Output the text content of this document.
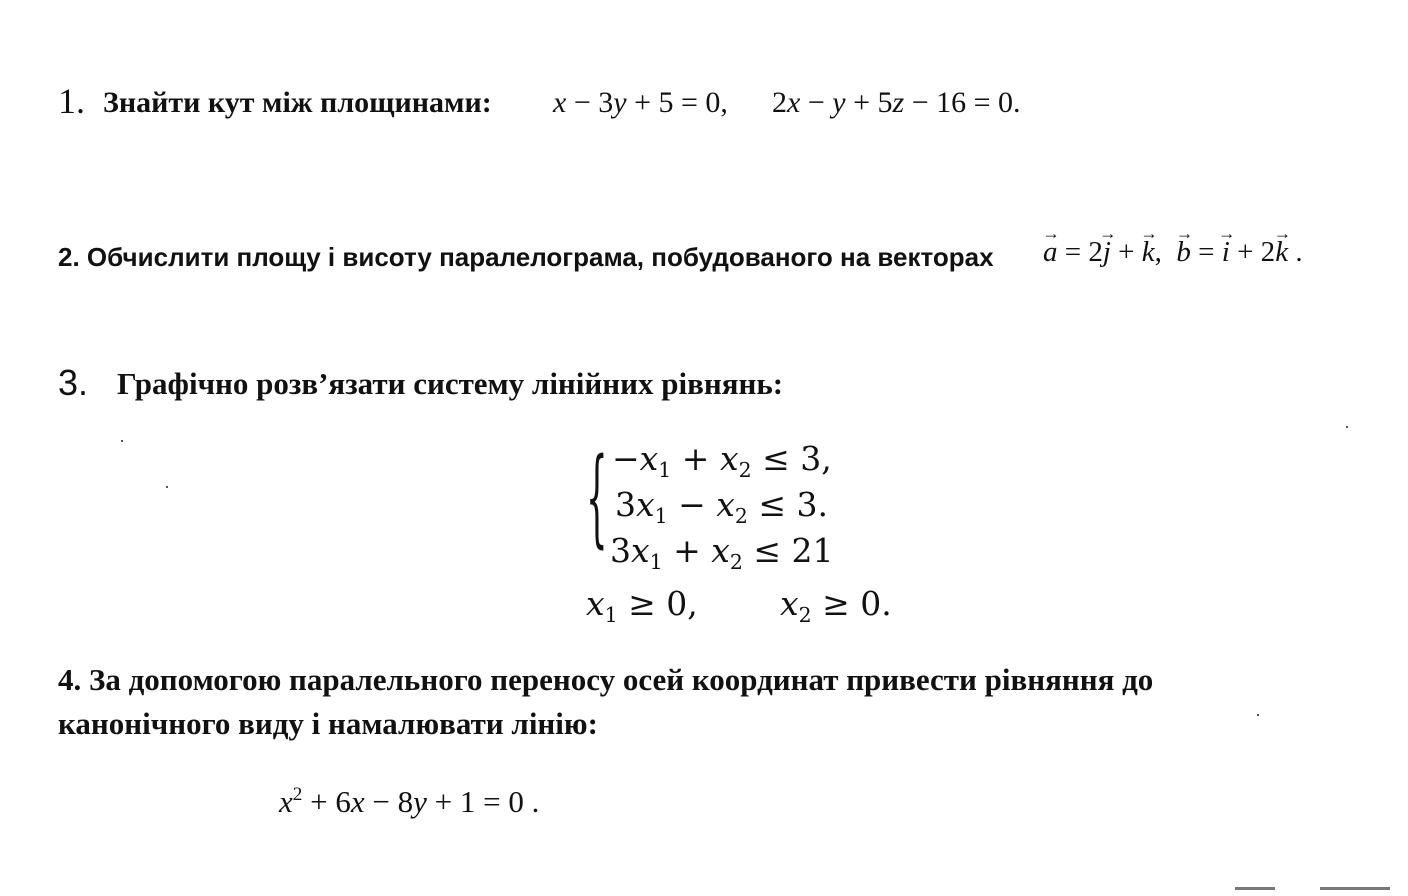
1. Знайти кут між площинами: x − 3y + 5 = 0, 2x − y + 5z − 16 = 0.
2. Обчислити площу і висоту паралелограма, побудованого на векторах a → = 2j → + k →, b → = i → + 2k → .
3. Графічно розв’язати систему лінійних рівнянь:
{ −x1 + x2 ≤ 3,
3x1 − x2 ≤ 3.
3x1 + x2 ≤ 21
x1 ≥ 0, x2 ≥ 0.
4. За допомогою паралельного переносу осей координат привести рівняння до
канонічного виду і намалювати лінію:
$x^2 + 6x - 8y + 1 = 0$ .
